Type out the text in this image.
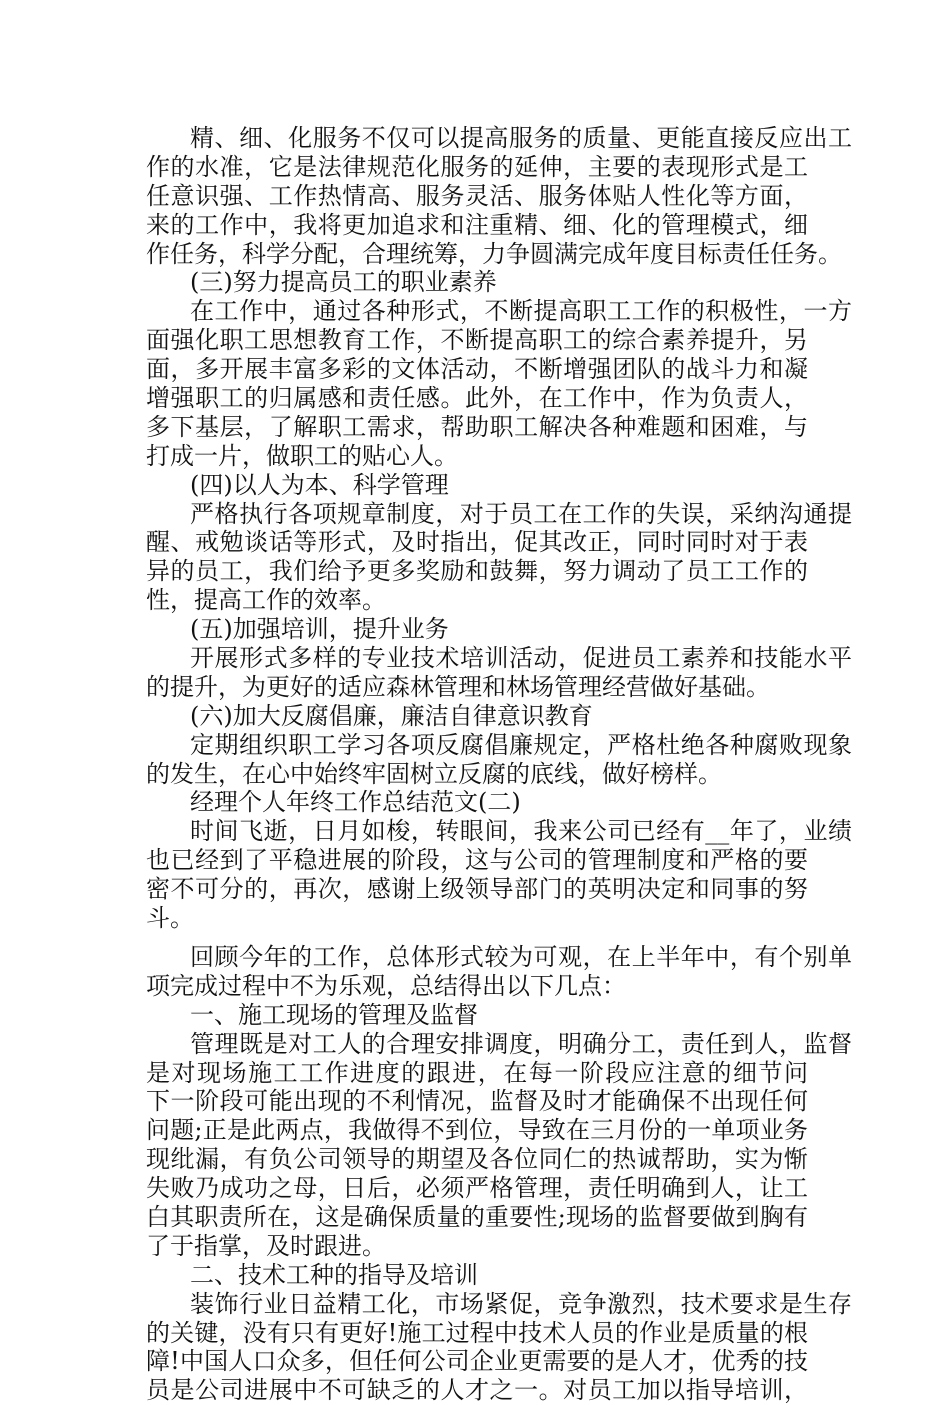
精、细、化服务不仅可以提高服务的质量、更能直接反应出工
作的水准，它是法律规范化服务的延伸，主要的表现形式是工
任意识强、工作热情高、服务灵活、服务体贴人性化等方面，
来的工作中，我将更加追求和注重精、细、化的管理模式，细
作任务，科学分配，合理统筹，力争圆满完成年度目标责任任务。
(三)努力提高员工的职业素养
在工作中，通过各种形式，不断提高职工工作的积极性，一方
面强化职工思想教育工作，不断提高职工的综合素养提升，另
面，多开展丰富多彩的文体活动，不断增强团队的战斗力和凝
增强职工的归属感和责任感。此外，在工作中，作为负责人，
多下基层，了解职工需求，帮助职工解决各种难题和困难，与
打成一片，做职工的贴心人。
(四)以人为本、科学管理
严格执行各项规章制度，对于员工在工作的失误，采纳沟通提
醒、戒勉谈话等形式，及时指出，促其改正，同时同时对于表
异的员工，我们给予更多奖励和鼓舞，努力调动了员工工作的
性，提高工作的效率。
(五)加强培训，提升业务
开展形式多样的专业技术培训活动，促进员工素养和技能水平
的提升，为更好的适应森林管理和林场管理经营做好基础。
(六)加大反腐倡廉，廉洁自律意识教育
定期组织职工学习各项反腐倡廉规定，严格杜绝各种腐败现象
的发生，在心中始终牢固树立反腐的底线，做好榜样。
经理个人年终工作总结范文(二)
时间飞逝，日月如梭，转眼间，我来公司已经有__年了，业绩
也已经到了平稳进展的阶段，这与公司的管理制度和严格的要
密不可分的，再次，感谢上级领导部门的英明决定和同事的努
斗。
回顾今年的工作，总体形式较为可观，在上半年中，有个别单
项完成过程中不为乐观，总结得出以下几点：
一、施工现场的管理及监督
管理既是对工人的合理安排调度，明确分工，责任到人，监督
是对现场施工工作进度的跟进，在每一阶段应注意的细节问
下一阶段可能出现的不利情况，监督及时才能确保不出现任何
问题;正是此两点，我做得不到位，导致在三月份的一单项业务
现纰漏，有负公司领导的期望及各位同仁的热诚帮助，实为惭
失败乃成功之母，日后，必须严格管理，责任明确到人，让工
白其职责所在，这是确保质量的重要性;现场的监督要做到胸有
了于指掌，及时跟进。
二、技术工种的指导及培训
装饰行业日益精工化，市场紧促，竞争激烈，技术要求是生存
的关键，没有只有更好!施工过程中技术人员的作业是质量的根
障!中国人口众多，但任何公司企业更需要的是人才，优秀的技
员是公司进展中不可缺乏的人才之一。对员工加以指导培训，
